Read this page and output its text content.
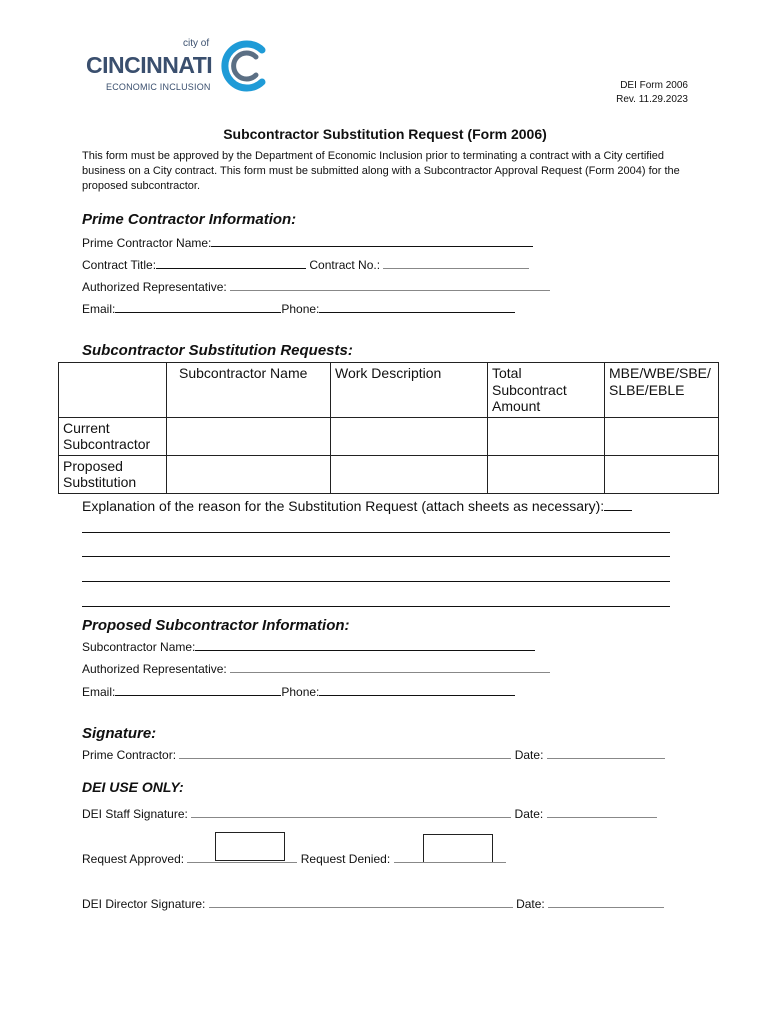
city of
CINCINNATI
ECONOMIC INCLUSION	DEI Form 2006
Rev. 11.29.2023
Subcontractor Substitution Request (Form 2006)
This form must be approved by the Department of Economic Inclusion prior to terminating a contract with a City certified business on a City contract. This form must be submitted along with a Subcontractor Approval Request (Form 2004) for the proposed subcontractor.
Prime Contractor Information:
Prime Contractor Name:
Contract Title:	Contract No.:
Authorized Representative:
Email:	Phone:
Subcontractor Substitution Requests:
	Subcontractor Name	Work Description	Total Subcontract Amount	MBE/WBE/SBE/ SLBE/EBLE
Current Subcontractor				
Proposed Substitution				
Explanation of the reason for the Substitution Request (attach sheets as necessary):
Proposed Subcontractor Information:
Subcontractor Name:
Authorized Representative:
Email:	Phone:
Signature:
Prime Contractor:	Date:
DEI USE ONLY:
DEI Staff Signature:	Date:
Request Approved:	Request Denied:
DEI Director Signature:	Date:
